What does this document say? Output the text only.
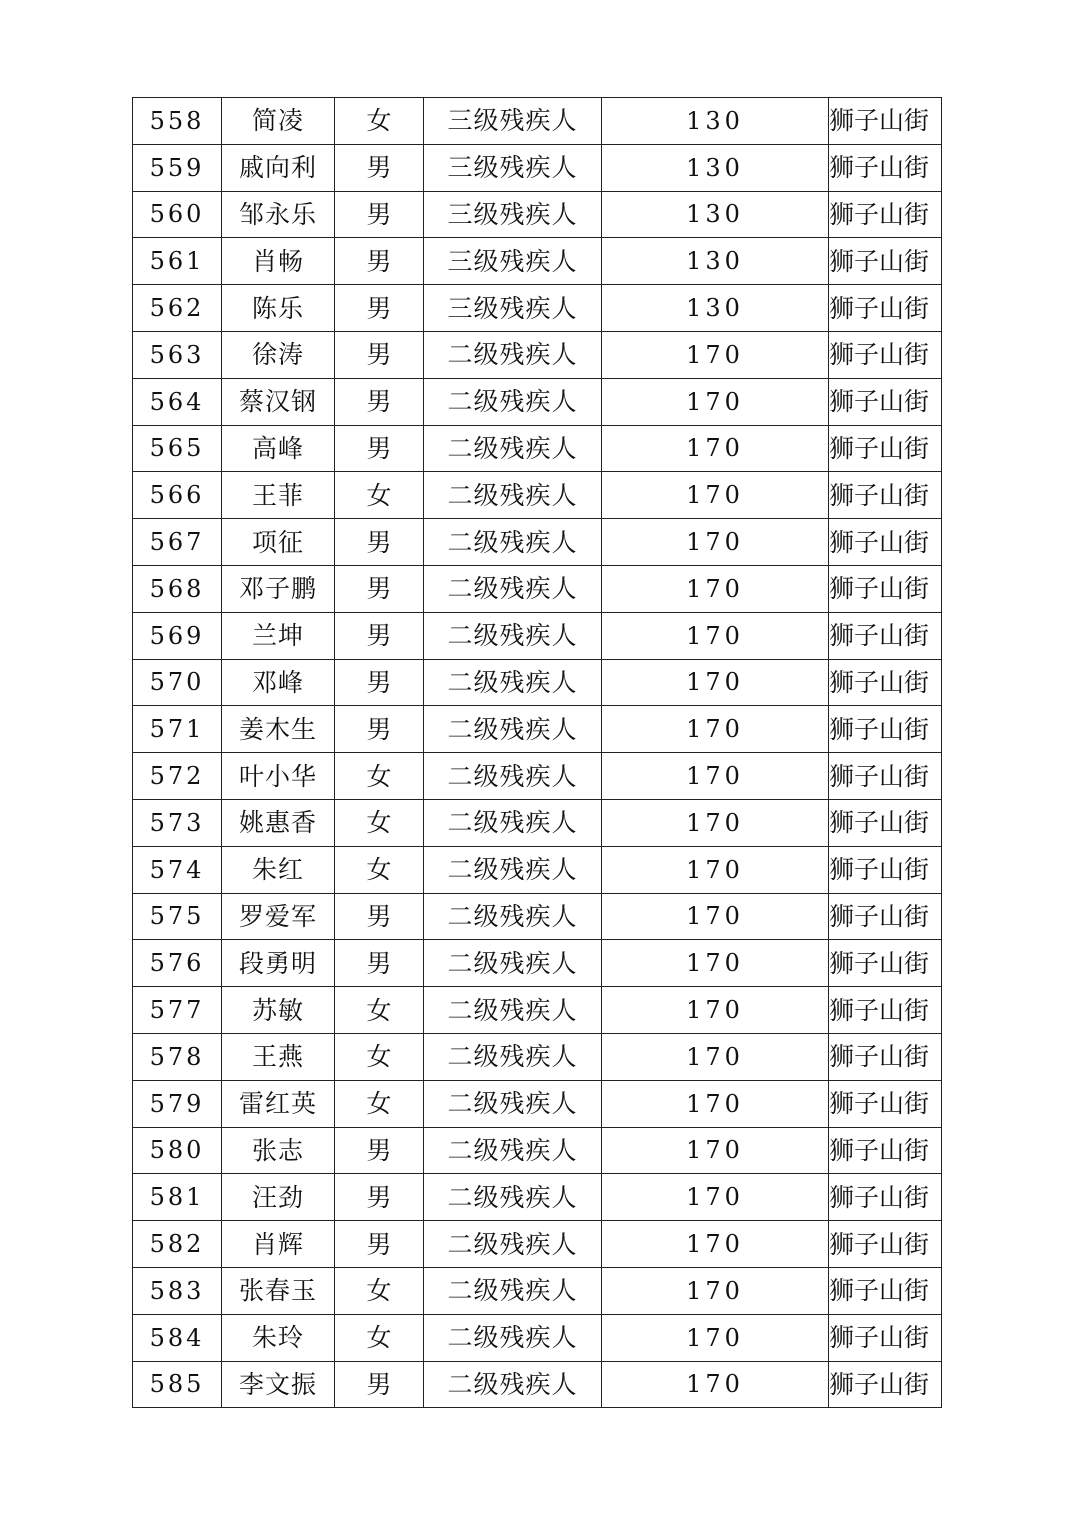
558	简凌	女	三级残疾人	130	狮子山街
559	戚向利	男	三级残疾人	130	狮子山街
560	邹永乐	男	三级残疾人	130	狮子山街
561	肖畅	男	三级残疾人	130	狮子山街
562	陈乐	男	三级残疾人	130	狮子山街
563	徐涛	男	二级残疾人	170	狮子山街
564	蔡汉钢	男	二级残疾人	170	狮子山街
565	高峰	男	二级残疾人	170	狮子山街
566	王菲	女	二级残疾人	170	狮子山街
567	项征	男	二级残疾人	170	狮子山街
568	邓子鹏	男	二级残疾人	170	狮子山街
569	兰坤	男	二级残疾人	170	狮子山街
570	邓峰	男	二级残疾人	170	狮子山街
571	姜木生	男	二级残疾人	170	狮子山街
572	叶小华	女	二级残疾人	170	狮子山街
573	姚惠香	女	二级残疾人	170	狮子山街
574	朱红	女	二级残疾人	170	狮子山街
575	罗爱军	男	二级残疾人	170	狮子山街
576	段勇明	男	二级残疾人	170	狮子山街
577	苏敏	女	二级残疾人	170	狮子山街
578	王燕	女	二级残疾人	170	狮子山街
579	雷红英	女	二级残疾人	170	狮子山街
580	张志	男	二级残疾人	170	狮子山街
581	汪劲	男	二级残疾人	170	狮子山街
582	肖辉	男	二级残疾人	170	狮子山街
583	张春玉	女	二级残疾人	170	狮子山街
584	朱玲	女	二级残疾人	170	狮子山街
585	李文振	男	二级残疾人	170	狮子山街
